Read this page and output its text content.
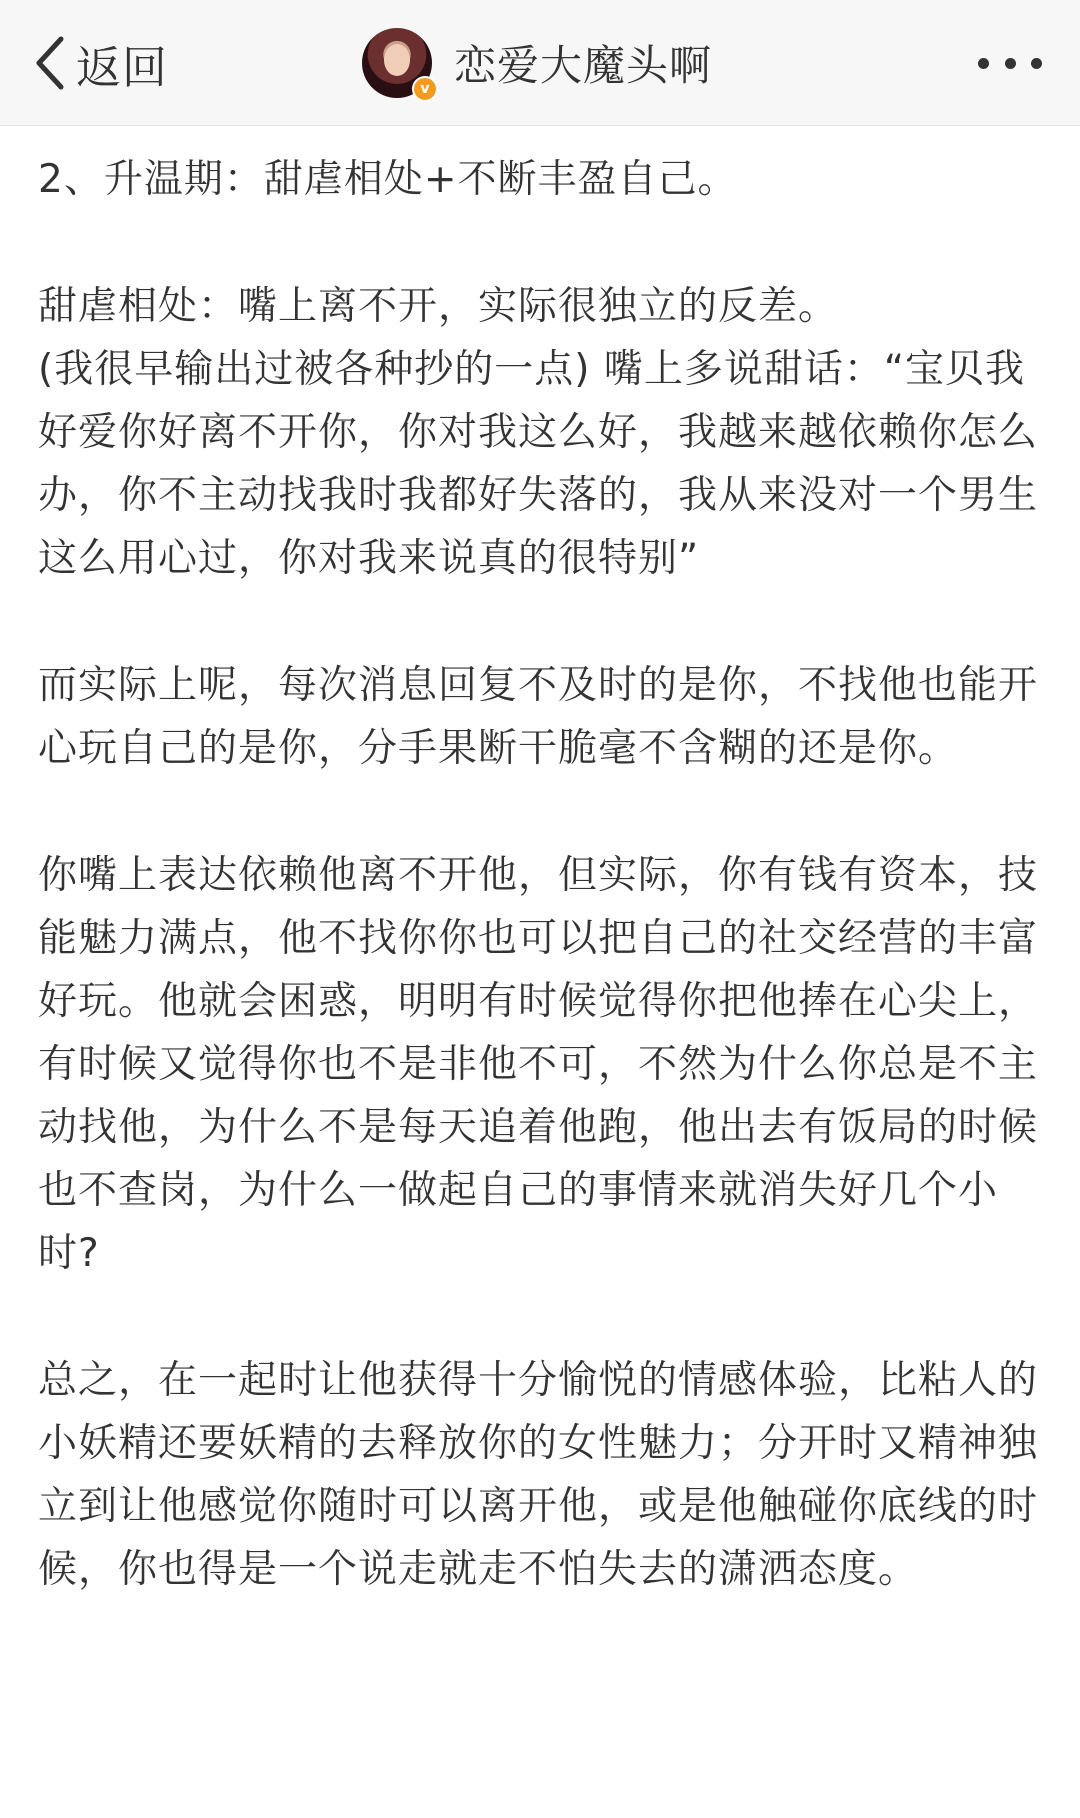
返回	v 恋爱大魔头啊

2、升温期：甜虐相处+不断丰盈自己。

甜虐相处：嘴上离不开，实际很独立的反差。
(我很早输出过被各种抄的一点) 嘴上多说甜话：“宝贝我好爱你好离不开你，你对我这么好，我越来越依赖你怎么办，你不主动找我时我都好失落的，我从来没对一个男生这么用心过，你对我来说真的很特别”

而实际上呢，每次消息回复不及时的是你，不找他也能开心玩自己的是你，分手果断干脆毫不含糊的还是你。

你嘴上表达依赖他离不开他，但实际，你有钱有资本，技能魅力满点，他不找你你也可以把自己的社交经营的丰富好玩。他就会困惑，明明有时候觉得你把他捧在心尖上，有时候又觉得你也不是非他不可，不然为什么你总是不主动找他，为什么不是每天追着他跑，他出去有饭局的时候也不查岗，为什么一做起自己的事情来就消失好几个小时?

总之，在一起时让他获得十分愉悦的情感体验，比粘人的小妖精还要妖精的去释放你的女性魅力；分开时又精神独立到让他感觉你随时可以离开他，或是他触碰你底线的时候，你也得是一个说走就走不怕失去的潇洒态度。
